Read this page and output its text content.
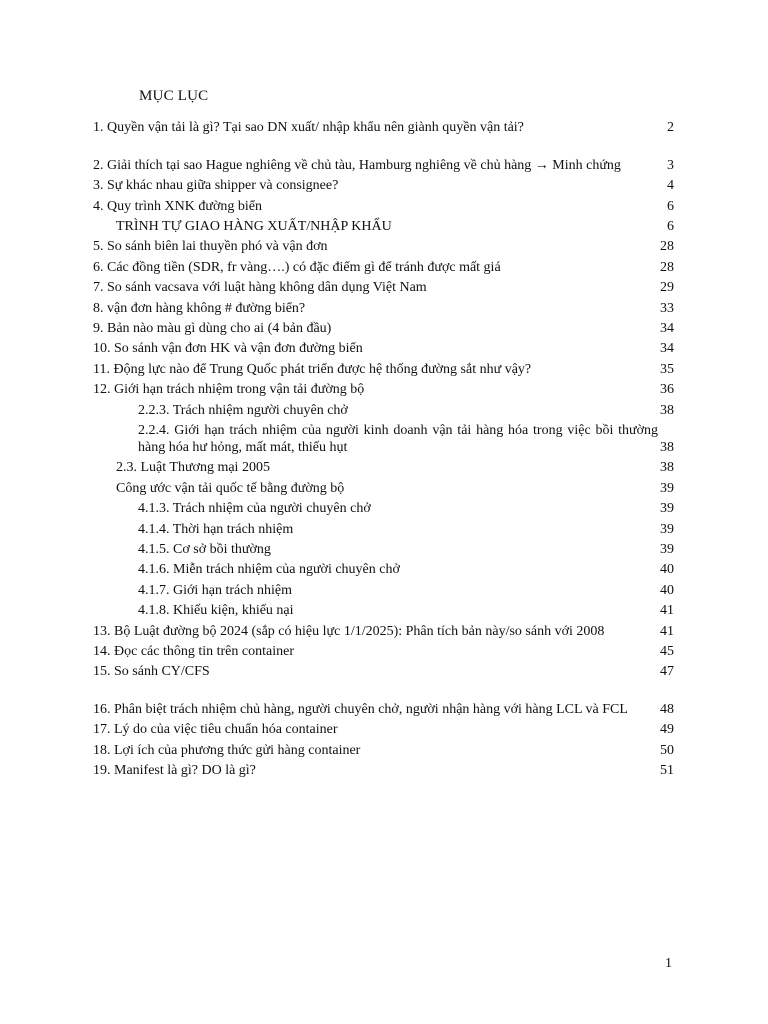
MỤC LỤC
1. Quyền vận tải là gì? Tại sao DN xuất/ nhập khẩu nên giành quyền vận tải?	2
2. Giải thích tại sao Hague nghiêng về chủ tàu, Hamburg nghiêng về chủ hàng → Minh chứng	3
3. Sự khác nhau giữa shipper và consignee?	4
4. Quy trình XNK đường biển	6
TRÌNH TỰ GIAO HÀNG XUẤT/NHẬP KHẨU	6
5. So sánh biên lai thuyền phó và vận đơn	28
6. Các đồng tiền (SDR, fr vàng….) có đặc điểm gì để tránh được mất giá	28
7. So sánh vacsava với luật hàng không dân dụng Việt Nam	29
8. vận đơn hàng không # đường biển?	33
9. Bản nào màu gì dùng cho ai (4 bản đầu)	34
10. So sánh vận đơn HK và vận đơn đường biển	34
11. Động lực nào để Trung Quốc phát triển được hệ thống đường sắt như vậy?	35
12. Giới hạn trách nhiệm trong vận tải đường bộ	36
2.2.3. Trách nhiệm người chuyên chở	38
2.2.4. Giới hạn trách nhiệm của người kinh doanh vận tải hàng hóa trong việc bồi thường hàng hóa hư hỏng, mất mát, thiếu hụt	38
2.3. Luật Thương mại 2005	38
Công ước vận tải quốc tế bằng đường bộ	39
4.1.3. Trách nhiệm của người chuyên chở	39
4.1.4. Thời hạn trách nhiệm	39
4.1.5. Cơ sở bồi thường	39
4.1.6. Miễn trách nhiệm của người chuyên chở	40
4.1.7. Giới hạn trách nhiệm	40
4.1.8. Khiếu kiện, khiếu nại	41
13. Bộ Luật đường bộ 2024 (sắp có hiệu lực 1/1/2025): Phân tích bản này/so sánh với 2008	41
14. Đọc các thông tin trên container	45
15. So sánh CY/CFS	47
16. Phân biệt trách nhiệm chủ hàng, người chuyên chở, người nhận hàng với hàng LCL và FCL	48
17. Lý do của việc tiêu chuẩn hóa container	49
18. Lợi ích của phương thức gửi hàng container	50
19. Manifest là gì? DO là gì?	51
1
